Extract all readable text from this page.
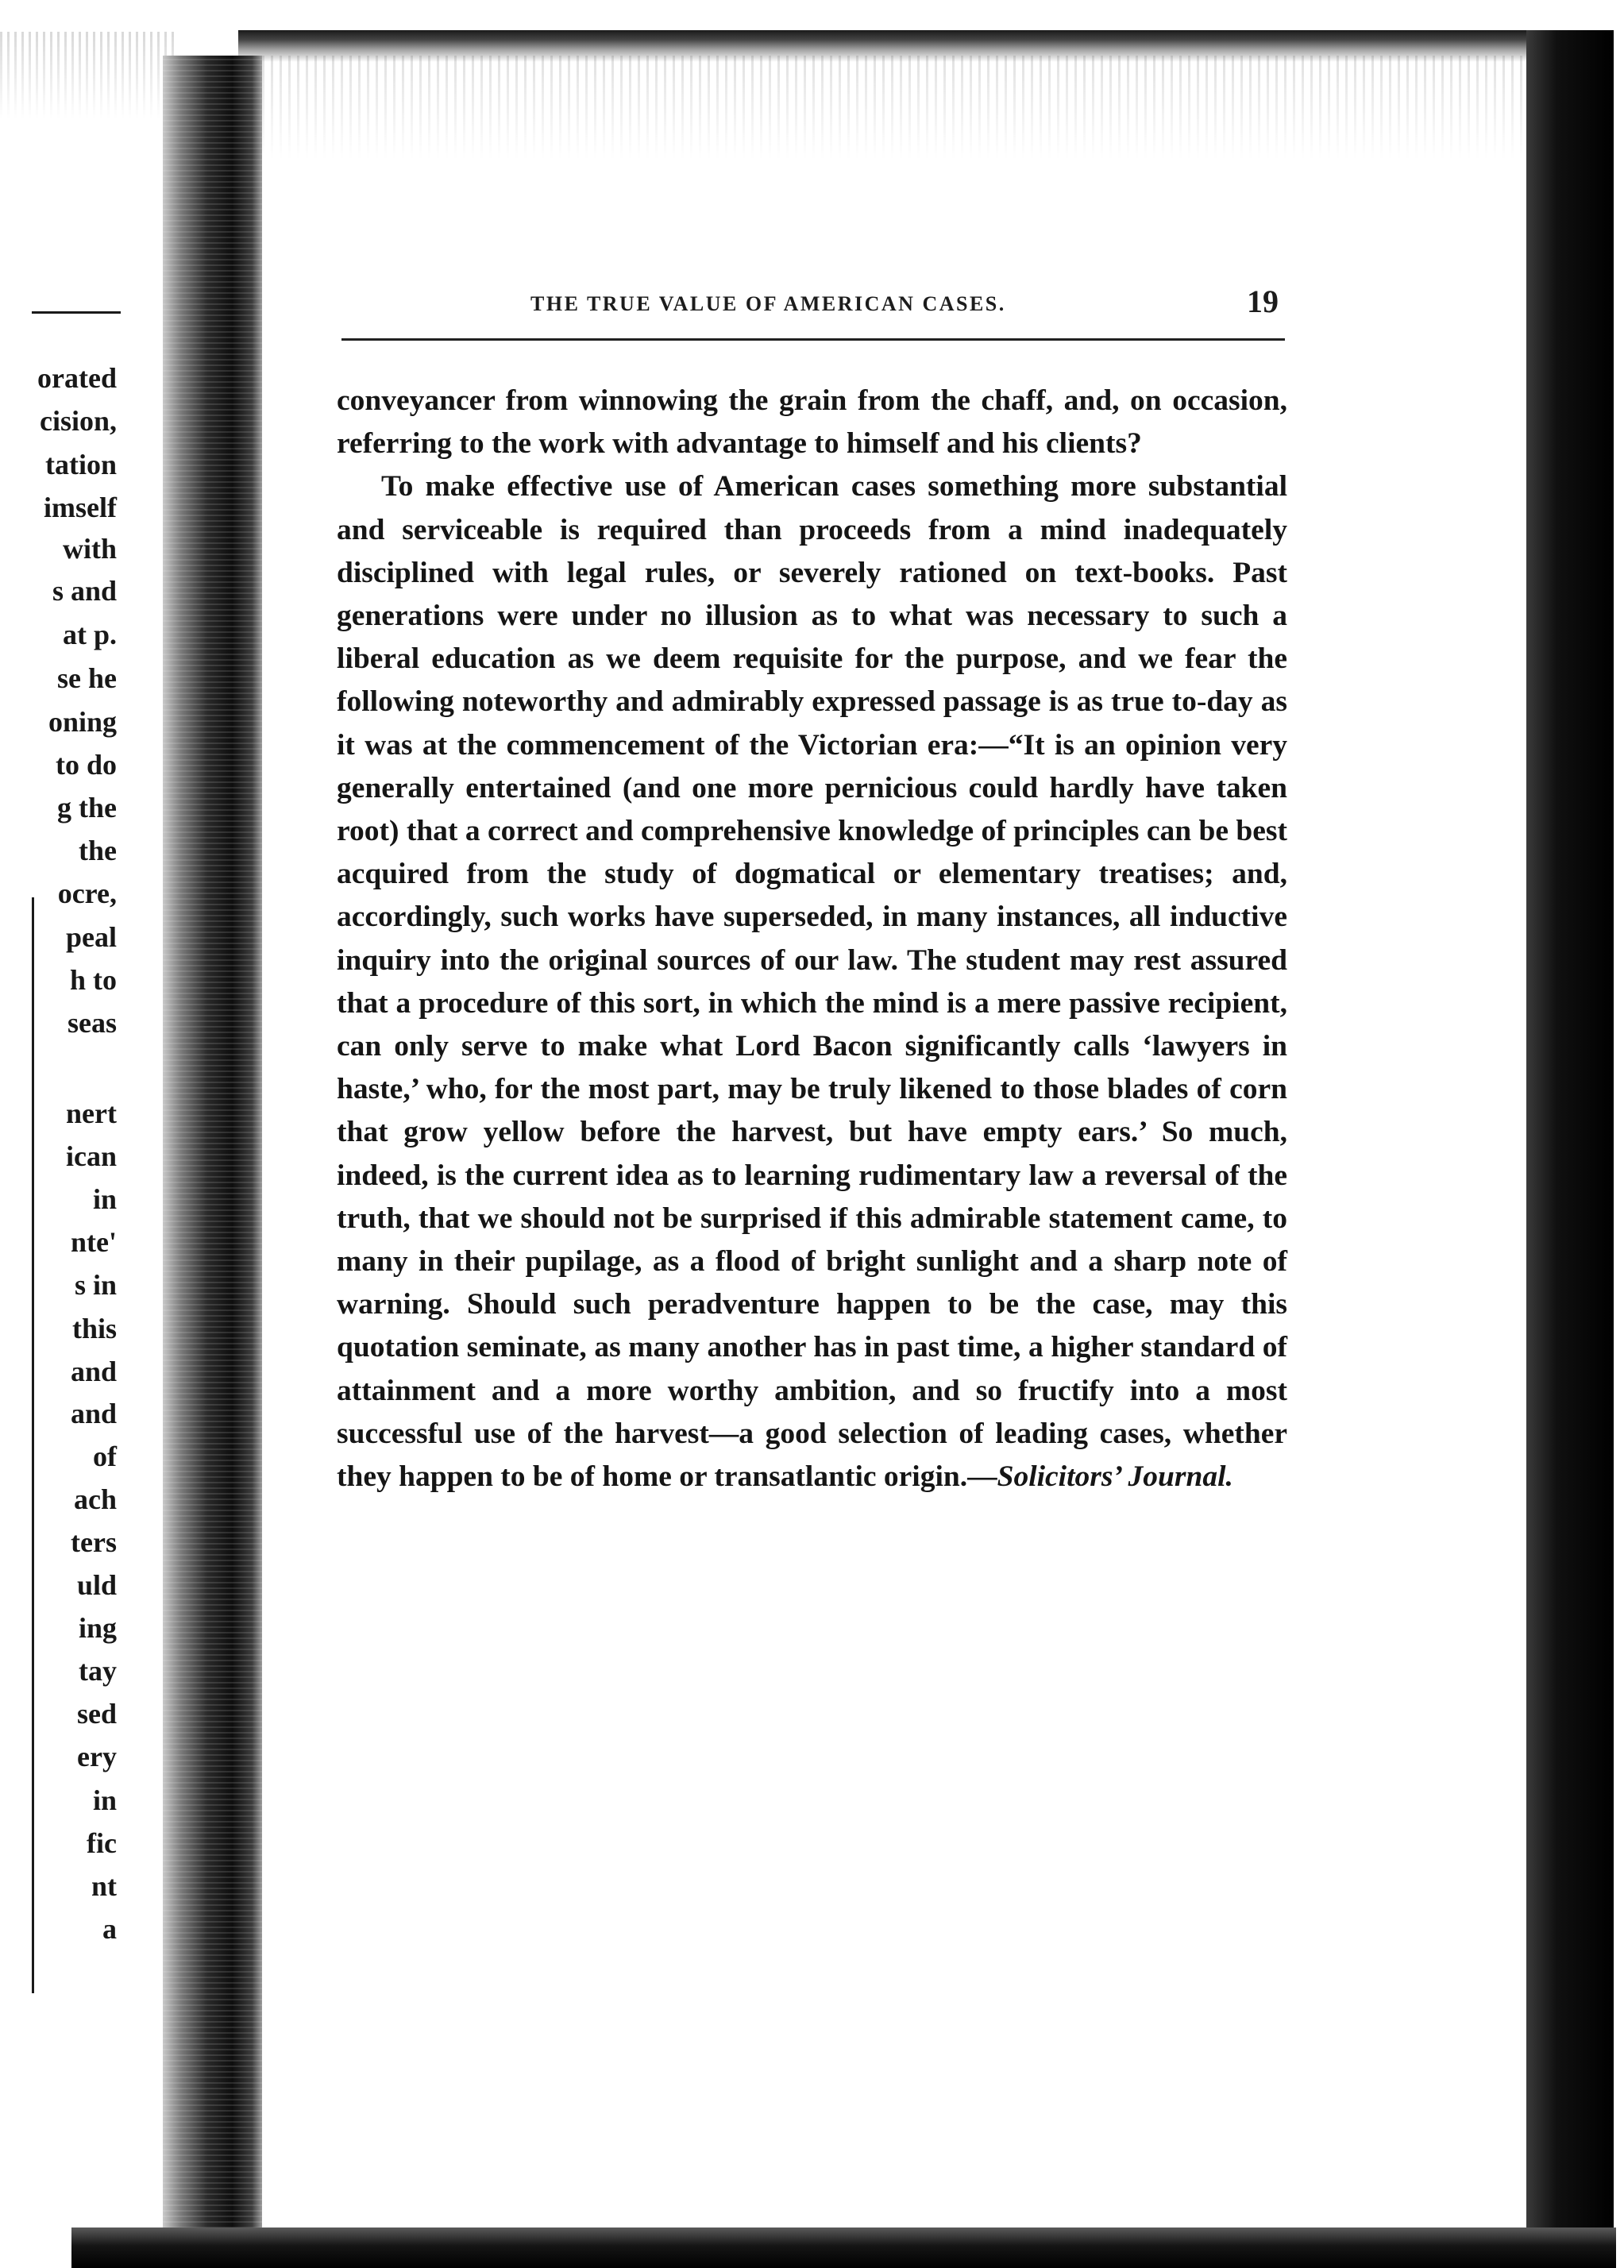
orated
cision,
tation
imself
with
s and
at p.
se he
oning
to do
g the
the
ocre,
peal
h to
seas
nert
ican
in
nte'
s in
this
and
and
of
ach
ters
uld
ing
tay
sed
ery
in
fic
nt
a
THE TRUE VALUE OF AMERICAN CASES.	19

conveyancer from winnowing the grain from the chaff, and, on occasion, referring to the work with advantage to himself and his clients?

To make effective use of American cases something more substantial and serviceable is required than proceeds from a mind inadequately disciplined with legal rules, or severely rationed on text-books. Past generations were under no illusion as to what was necessary to such a liberal education as we deem requisite for the purpose, and we fear the following noteworthy and admirably expressed passage is as true to-day as it was at the commencement of the Victorian era:—“It is an opinion very generally entertained (and one more pernicious could hardly have taken root) that a correct and comprehensive knowledge of principles can be best acquired from the study of dogmatical or elementary treatises; and, accordingly, such works have superseded, in many instances, all inductive inquiry into the original sources of our law. The student may rest assured that a procedure of this sort, in which the mind is a mere passive recipient, can only serve to make what Lord Bacon significantly calls ‘lawyers in haste,’ who, for the most part, may be truly likened to those blades of corn that grow yellow before the harvest, but have empty ears.’ So much, indeed, is the current idea as to learning rudimentary law a reversal of the truth, that we should not be surprised if this admirable statement came, to many in their pupilage, as a flood of bright sunlight and a sharp note of warning. Should such peradventure happen to be the case, may this quotation seminate, as many another has in past time, a higher standard of attainment and a more worthy ambition, and so fructify into a most successful use of the harvest—a good selection of leading cases, whether they happen to be of home or transatlantic origin.—Solicitors’ Journal.
